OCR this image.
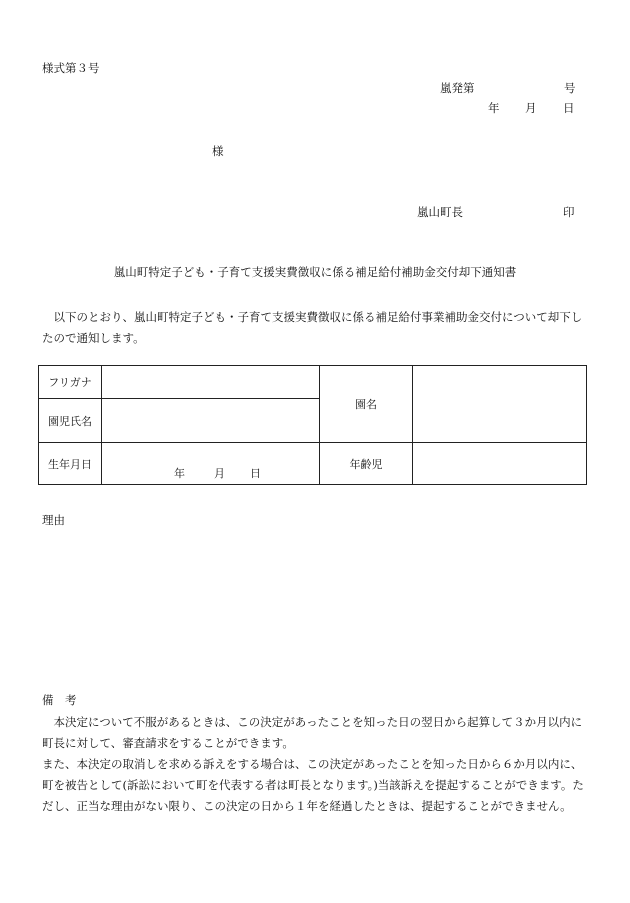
様式第３号
嵐発第	号
年 月 日
様
嵐山町長	印
嵐山町特定子ども・子育て支援実費徴収に係る補足給付補助金交付却下通知書
以下のとおり、嵐山町特定子ども・子育て支援実費徴収に係る補足給付事業補助金交付について却下したので通知します。
フリガナ		園名	
園児氏名			
生年月日	年 月 日	年齢児	
理由
備　考

本決定について不服があるときは、この決定があったことを知った日の翌日から起算して３か月以内に町長に対して、審査請求をすることができます。

また、本決定の取消しを求める訴えをする場合は、この決定があったことを知った日から６か月以内に、町を被告として(訴訟において町を代表する者は町長となります。)当該訴えを提起することができます。ただし、正当な理由がない限り、この決定の日から１年を経過したときは、提起することができません。
